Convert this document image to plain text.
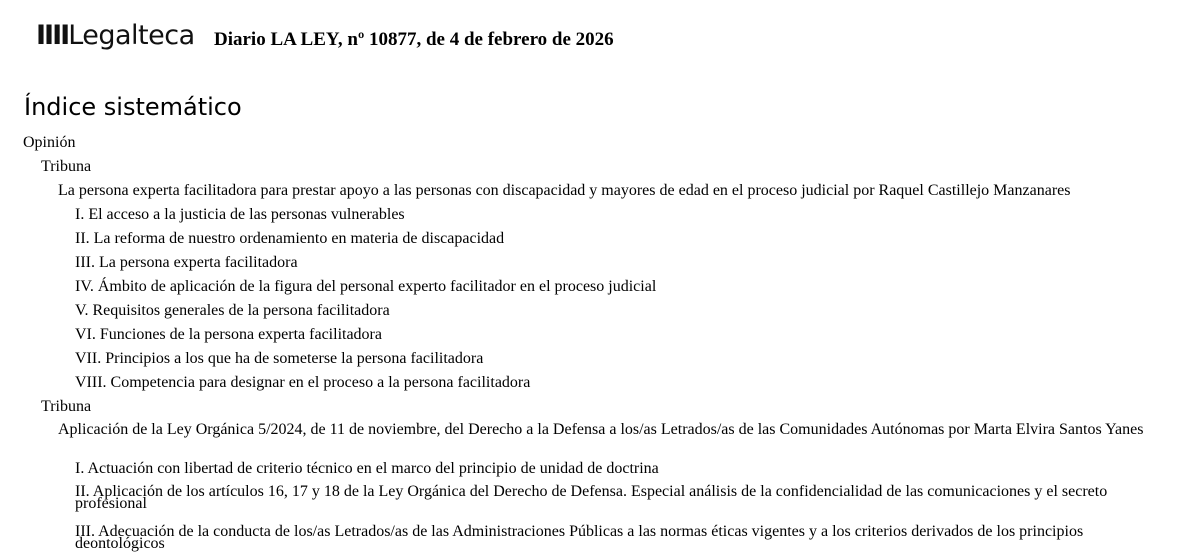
IIIILegalteca Diario LA LEY, nº 10877, de 4 de febrero de 2026
Índice sistemático
Opinión
Tribuna
La persona experta facilitadora para prestar apoyo a las personas con discapacidad y mayores de edad en el proceso judicial por Raquel Castillejo Manzanares
I. El acceso a la justicia de las personas vulnerables
II. La reforma de nuestro ordenamiento en materia de discapacidad
III. La persona experta facilitadora
IV. Ámbito de aplicación de la figura del personal experto facilitador en el proceso judicial
V. Requisitos generales de la persona facilitadora
VI. Funciones de la persona experta facilitadora
VII. Principios a los que ha de someterse la persona facilitadora
VIII. Competencia para designar en el proceso a la persona facilitadora
Tribuna
Aplicación de la Ley Orgánica 5/2024, de 11 de noviembre, del Derecho a la Defensa a los/as Letrados/as de las Comunidades Autónomas por Marta Elvira Santos Yanes
I. Actuación con libertad de criterio técnico en el marco del principio de unidad de doctrina
II. Aplicación de los artículos 16, 17 y 18 de la Ley Orgánica del Derecho de Defensa. Especial análisis de la confidencialidad de las comunicaciones y el secreto profesional
III. Adecuación de la conducta de los/as Letrados/as de las Administraciones Públicas a las normas éticas vigentes y a los criterios derivados de los principios deontológicos
